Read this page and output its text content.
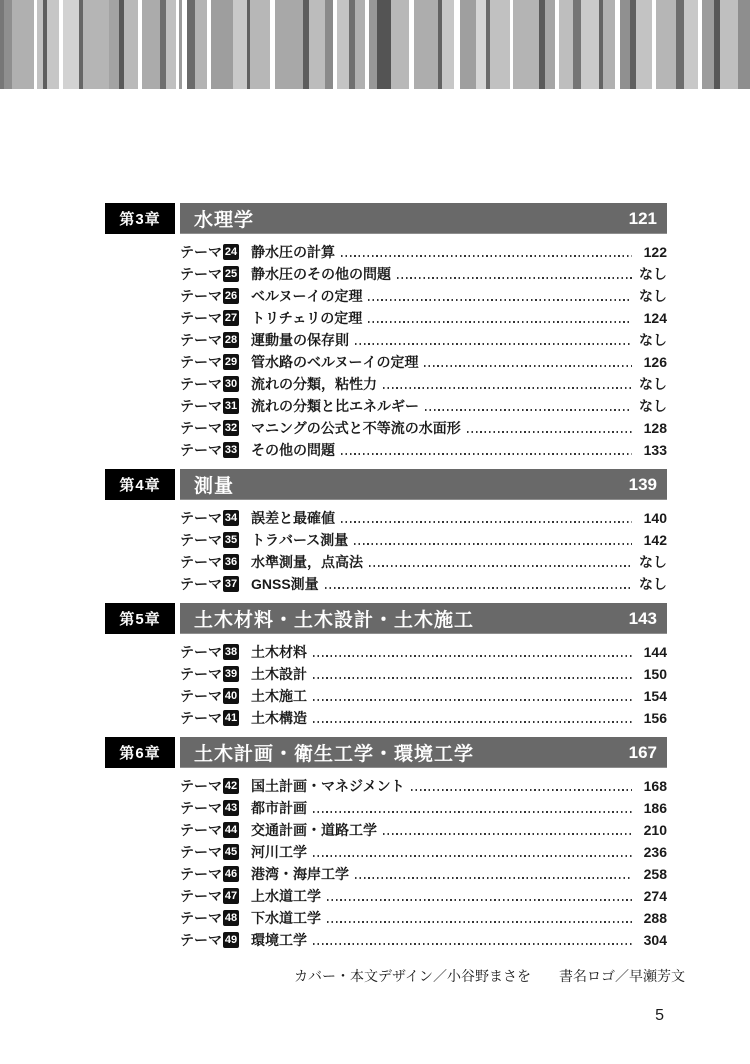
第3章	水理学	121
テーマ 24 静水圧の計算	122
テーマ 25 静水圧のその他の問題	なし
テーマ 26 ベルヌーイの定理	なし
テーマ 27 トリチェリの定理	124
テーマ 28 運動量の保存則	なし
テーマ 29 管水路のベルヌーイの定理	126
テーマ 30 流れの分類，粘性力	なし
テーマ 31 流れの分類と比エネルギー	なし
テーマ 32 マニングの公式と不等流の水面形	128
テーマ 33 その他の問題	133
第4章	測量	139
テーマ 34 誤差と最確値	140
テーマ 35 トラバース測量	142
テーマ 36 水準測量，点高法	なし
テーマ 37 GNSS測量	なし
第5章	土木材料・土木設計・土木施工	143
テーマ 38 土木材料	144
テーマ 39 土木設計	150
テーマ 40 土木施工	154
テーマ 41 土木構造	156
第6章	土木計画・衛生工学・環境工学	167
テーマ 42 国土計画・マネジメント	168
テーマ 43 都市計画	186
テーマ 44 交通計画・道路工学	210
テーマ 45 河川工学	236
テーマ 46 港湾・海岸工学	258
テーマ 47 上水道工学	274
テーマ 48 下水道工学	288
テーマ 49 環境工学	304
カバー・本文デザイン／小谷野まさを 書名ロゴ／早瀬芳文
5
